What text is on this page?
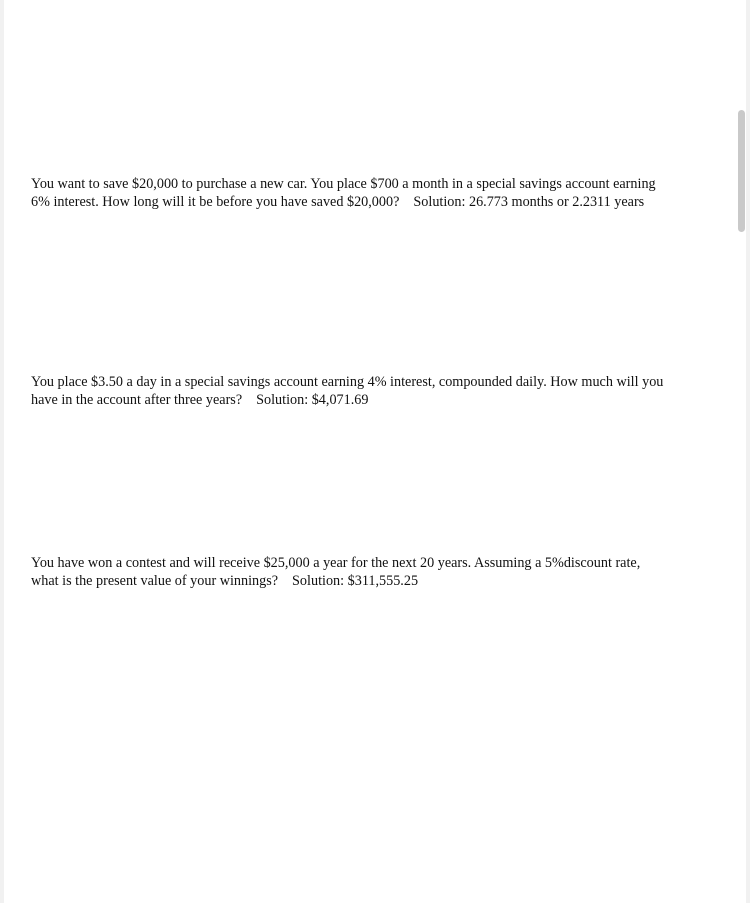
You want to save $20,000 to purchase a new car. You place $700 a month in a special savings account earning 6% interest. How long will it be before you have saved $20,000? Solution: 26.773 months or 2.2311 years

You place $3.50 a day in a special savings account earning 4% interest, compounded daily. How much will you have in the account after three years? Solution: $4,071.69

You have won a contest and will receive $25,000 a year for the next 20 years. Assuming a 5%discount rate, what is the present value of your winnings? Solution: $311,555.25
